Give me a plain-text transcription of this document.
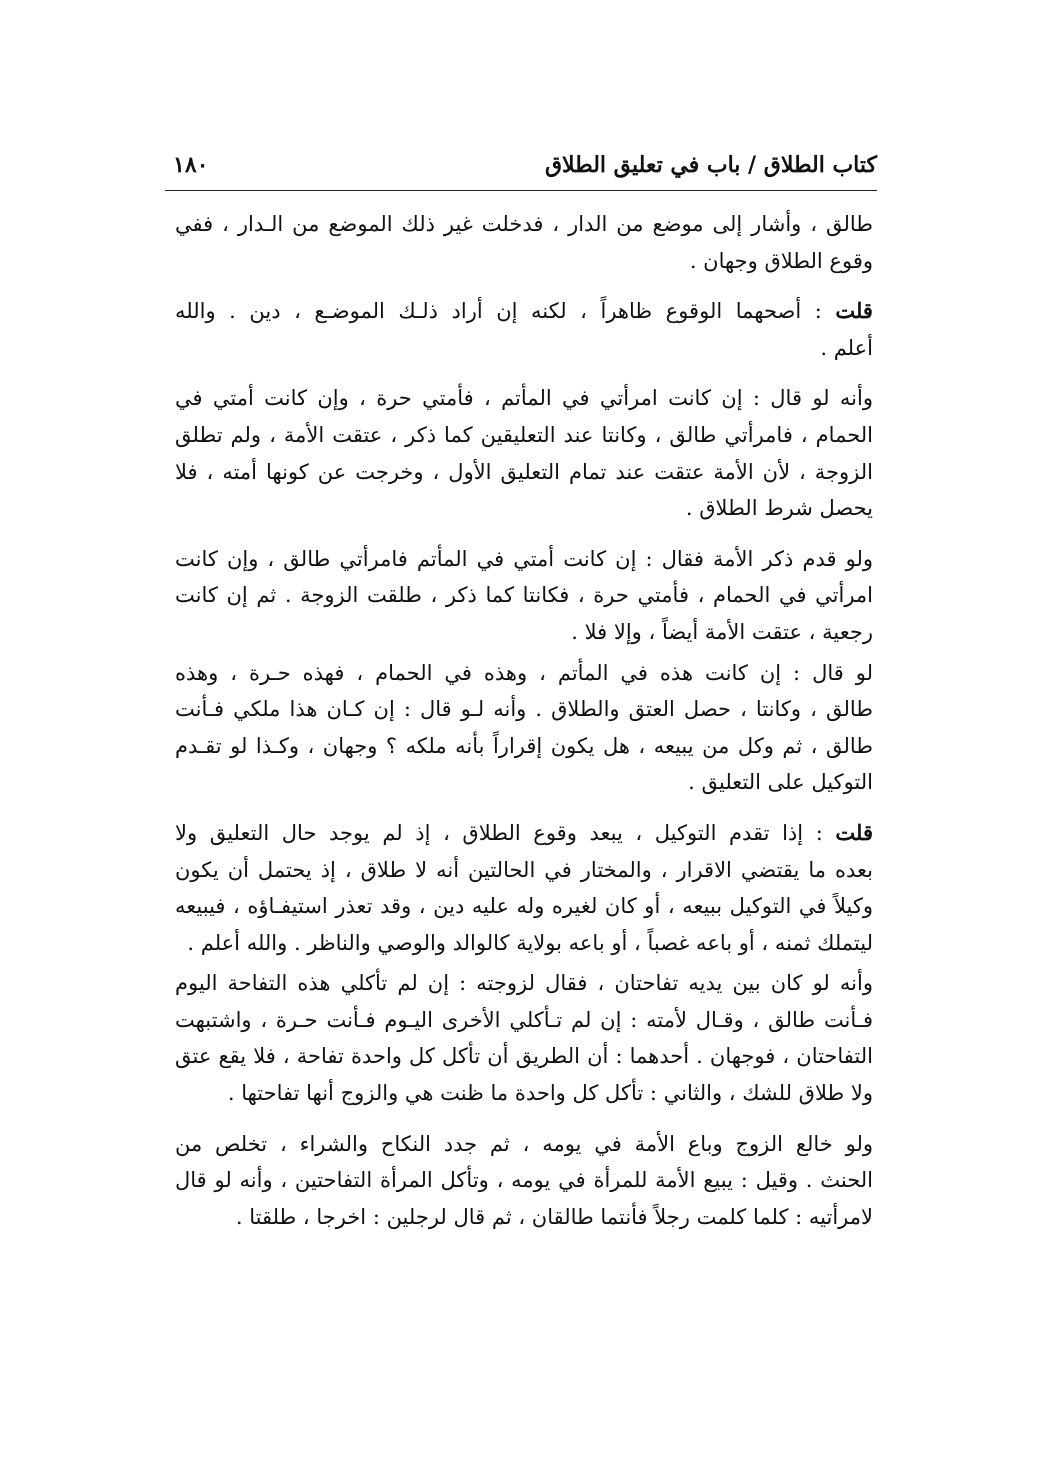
كتاب الطلاق / باب في تعليق الطلاق
١٨٠

طالق ، وأشار إلى موضع من الدار ، فدخلت غير ذلك الموضع من الـدار ، ففي
وقوع الطلاق وجهان .

قلت : أصحهما الوقوع ظاهراً ، لكنه إن أراد ذلـك الموضـع ، دين . والله
أعلم .

وأنه لو قال : إن كانت امرأتي في المأتم ، فأمتي حرة ، وإن كانت أمتي في
الحمام ، فامرأتي طالق ، وكانتا عند التعليقين كما ذكر ، عتقت الأمة ، ولم تطلق
الزوجة ، لأن الأمة عتقت عند تمام التعليق الأول ، وخرجت عن كونها أمته ، فلا
يحصل شرط الطلاق .

ولو قدم ذكر الأمة فقال : إن كانت أمتي في المأتم فامرأتي طالق ، وإن كانت
امرأتي في الحمام ، فأمتي حرة ، فكانتا كما ذكر ، طلقت الزوجة . ثم إن كانت
رجعية ، عتقت الأمة أيضاً ، وإلا فلا .

لو قال : إن كانت هذه في المأتم ، وهذه في الحمام ، فهذه حـرة ، وهذه
طالق ، وكانتا ، حصل العتق والطلاق . وأنه لـو قال : إن كـان هذا ملكي فـأنت
طالق ، ثم وكل من يبيعه ، هل يكون إقراراً بأنه ملكه ؟ وجهان ، وكـذا لو تقـدم
التوكيل على التعليق .

قلت : إذا تقدم التوكيل ، يبعد وقوع الطلاق ، إذ لم يوجد حال التعليق ولا
بعده ما يقتضي الاقرار ، والمختار في الحالتين أنه لا طلاق ، إذ يحتمل أن يكون
وكيلاً في التوكيل ببيعه ، أو كان لغيره وله عليه دين ، وقد تعذر استيفـاؤه ، فيبيعه
ليتملك ثمنه ، أو باعه غصباً ، أو باعه بولاية كالوالد والوصي والناظر . والله أعلم .

وأنه لو كان بين يديه تفاحتان ، فقال لزوجته : إن لم تأكلي هذه التفاحة اليوم
فـأنت طالق ، وقـال لأمته : إن لم تـأكلي الأخرى اليـوم فـأنت حـرة ، واشتبهت
التفاحتان ، فوجهان . أحدهما : أن الطريق أن تأكل كل واحدة تفاحة ، فلا يقع عتق
ولا طلاق للشك ، والثاني : تأكل كل واحدة ما ظنت هي والزوج أنها تفاحتها .

ولو خالع الزوج وباع الأمة في يومه ، ثم جدد النكاح والشراء ، تخلص من
الحنث . وقيل : يبيع الأمة للمرأة في يومه ، وتأكل المرأة التفاحتين ، وأنه لو قال
لامرأتيه : كلما كلمت رجلاً فأنتما طالقان ، ثم قال لرجلين : اخرجا ، طلقتا .
